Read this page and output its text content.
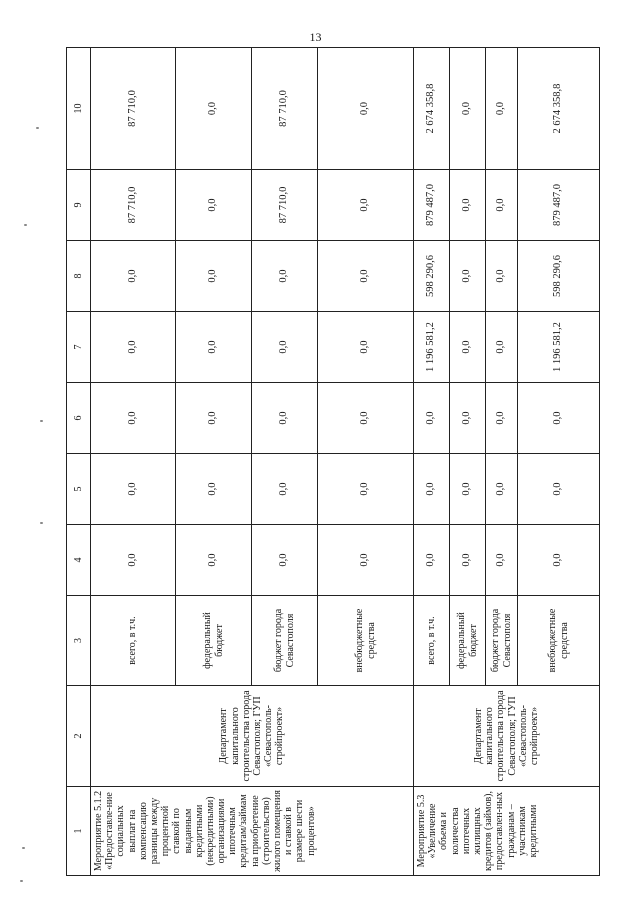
13
1	2	3	4	5	6	7	8	9	10
Мероприятие 5.1.2 «Предоставле-ние социальных выплат на компенсацию разницы между процентной ставкой по выданным кредитными (некредитными) организациями ипотечным кредитам/займам на приобретение (строительство) жилого помещения и ставкой в размере шести процентов»	Департамент капитального строительства города Севастополя; ГУП «Севастополь-стройпроект»	всего, в т.ч.	0,0	0,0	0,0	0,0	0,0	87 710,0	87 710,0
		федеральный бюджет	0,0	0,0	0,0	0,0	0,0	0,0	0,0
		бюджет города Севастополя	0,0	0,0	0,0	0,0	0,0	87 710,0	87 710,0
		внебюджетные средства	0,0	0,0	0,0	0,0	0,0	0,0	0,0
Мероприятие 5.3 «Увеличение объема и количества ипотечных жилищных кредитов (займов), предоставлен-ных гражданам – участникам кредитными	Департамент капитального строительства города Севастополя; ГУП «Севастополь-стройпроект»	всего, в т.ч.	0,0	0,0	0,0	1 196 581,2	598 290,6	879 487,0	2 674 358,8
		федеральный бюджет	0,0	0,0	0,0	0,0	0,0	0,0	0,0
		бюджет города Севастополя	0,0	0,0	0,0	0,0	0,0	0,0	0,0
		внебюджетные средства	0,0	0,0	0,0	1 196 581,2	598 290,6	879 487,0	2 674 358,8
